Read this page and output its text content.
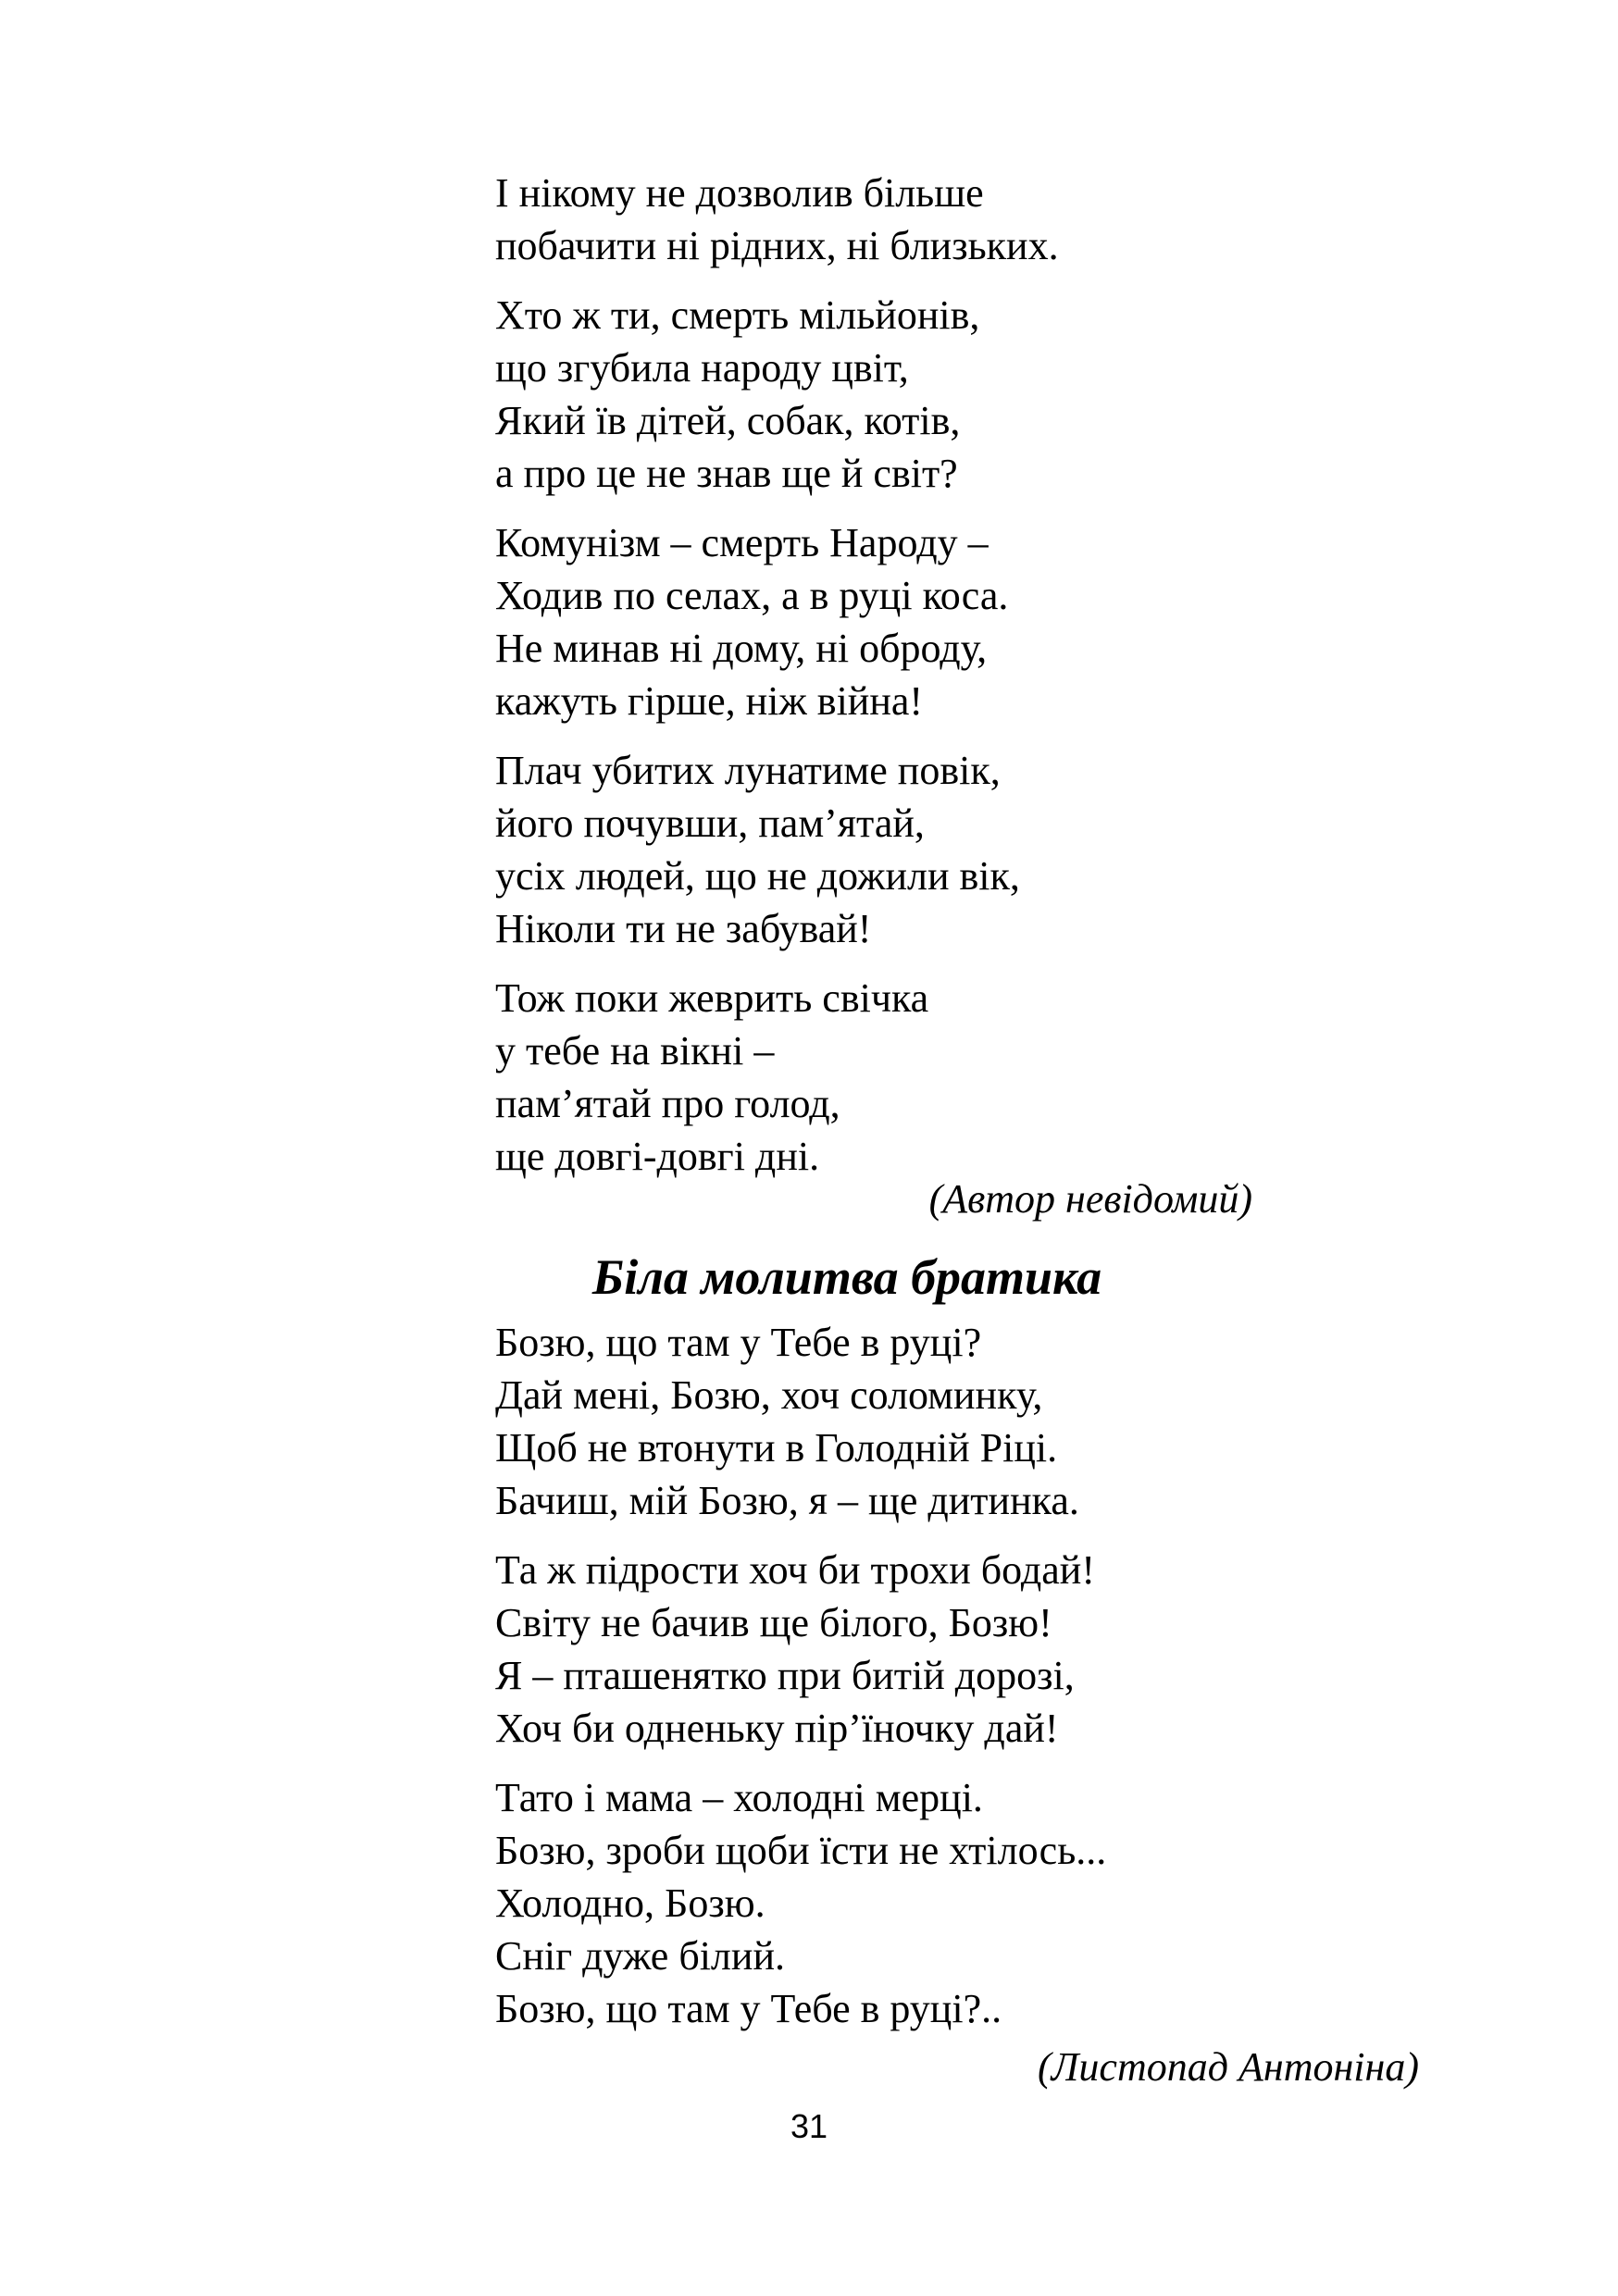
І нікому не дозволив більше
побачити ні рідних, ні близьких.
Хто ж ти, смерть мільйонів,
що згубила народу цвіт,
Який їв дітей, собак, котів,
а про це не знав ще й світ?
Комунізм – смерть Народу –
Ходив по селах, а в руці коса.
Не минав ні дому, ні оброду,
кажуть гірше, ніж війна!
Плач убитих лунатиме повік,
його почувши, пам’ятай,
усіх людей, що не дожили вік,
Ніколи ти не забувай!
Тож поки жеврить свічка
у тебе на вікні –
пам’ятай про голод,
ще довгі-довгі дні.
(Автор невідомий)
Біла молитва братика
Бозю, що там у Тебе в руці?
Дай мені, Бозю, хоч соломинку,
Щоб не втонути в Голодній Ріці.
Бачиш, мій Бозю, я – ще дитинка.
Та ж підрости хоч би трохи бодай!
Світу не бачив ще білого, Бозю!
Я – пташенятко при битій дорозі,
Хоч би одненьку пір’їночку дай!
Тато і мама – холодні мерці.
Бозю, зроби щоби їсти не хтілось...
Холодно, Бозю.
Сніг дуже білий.
Бозю, що там у Тебе в руці?..
(Листопад Антоніна)
31
